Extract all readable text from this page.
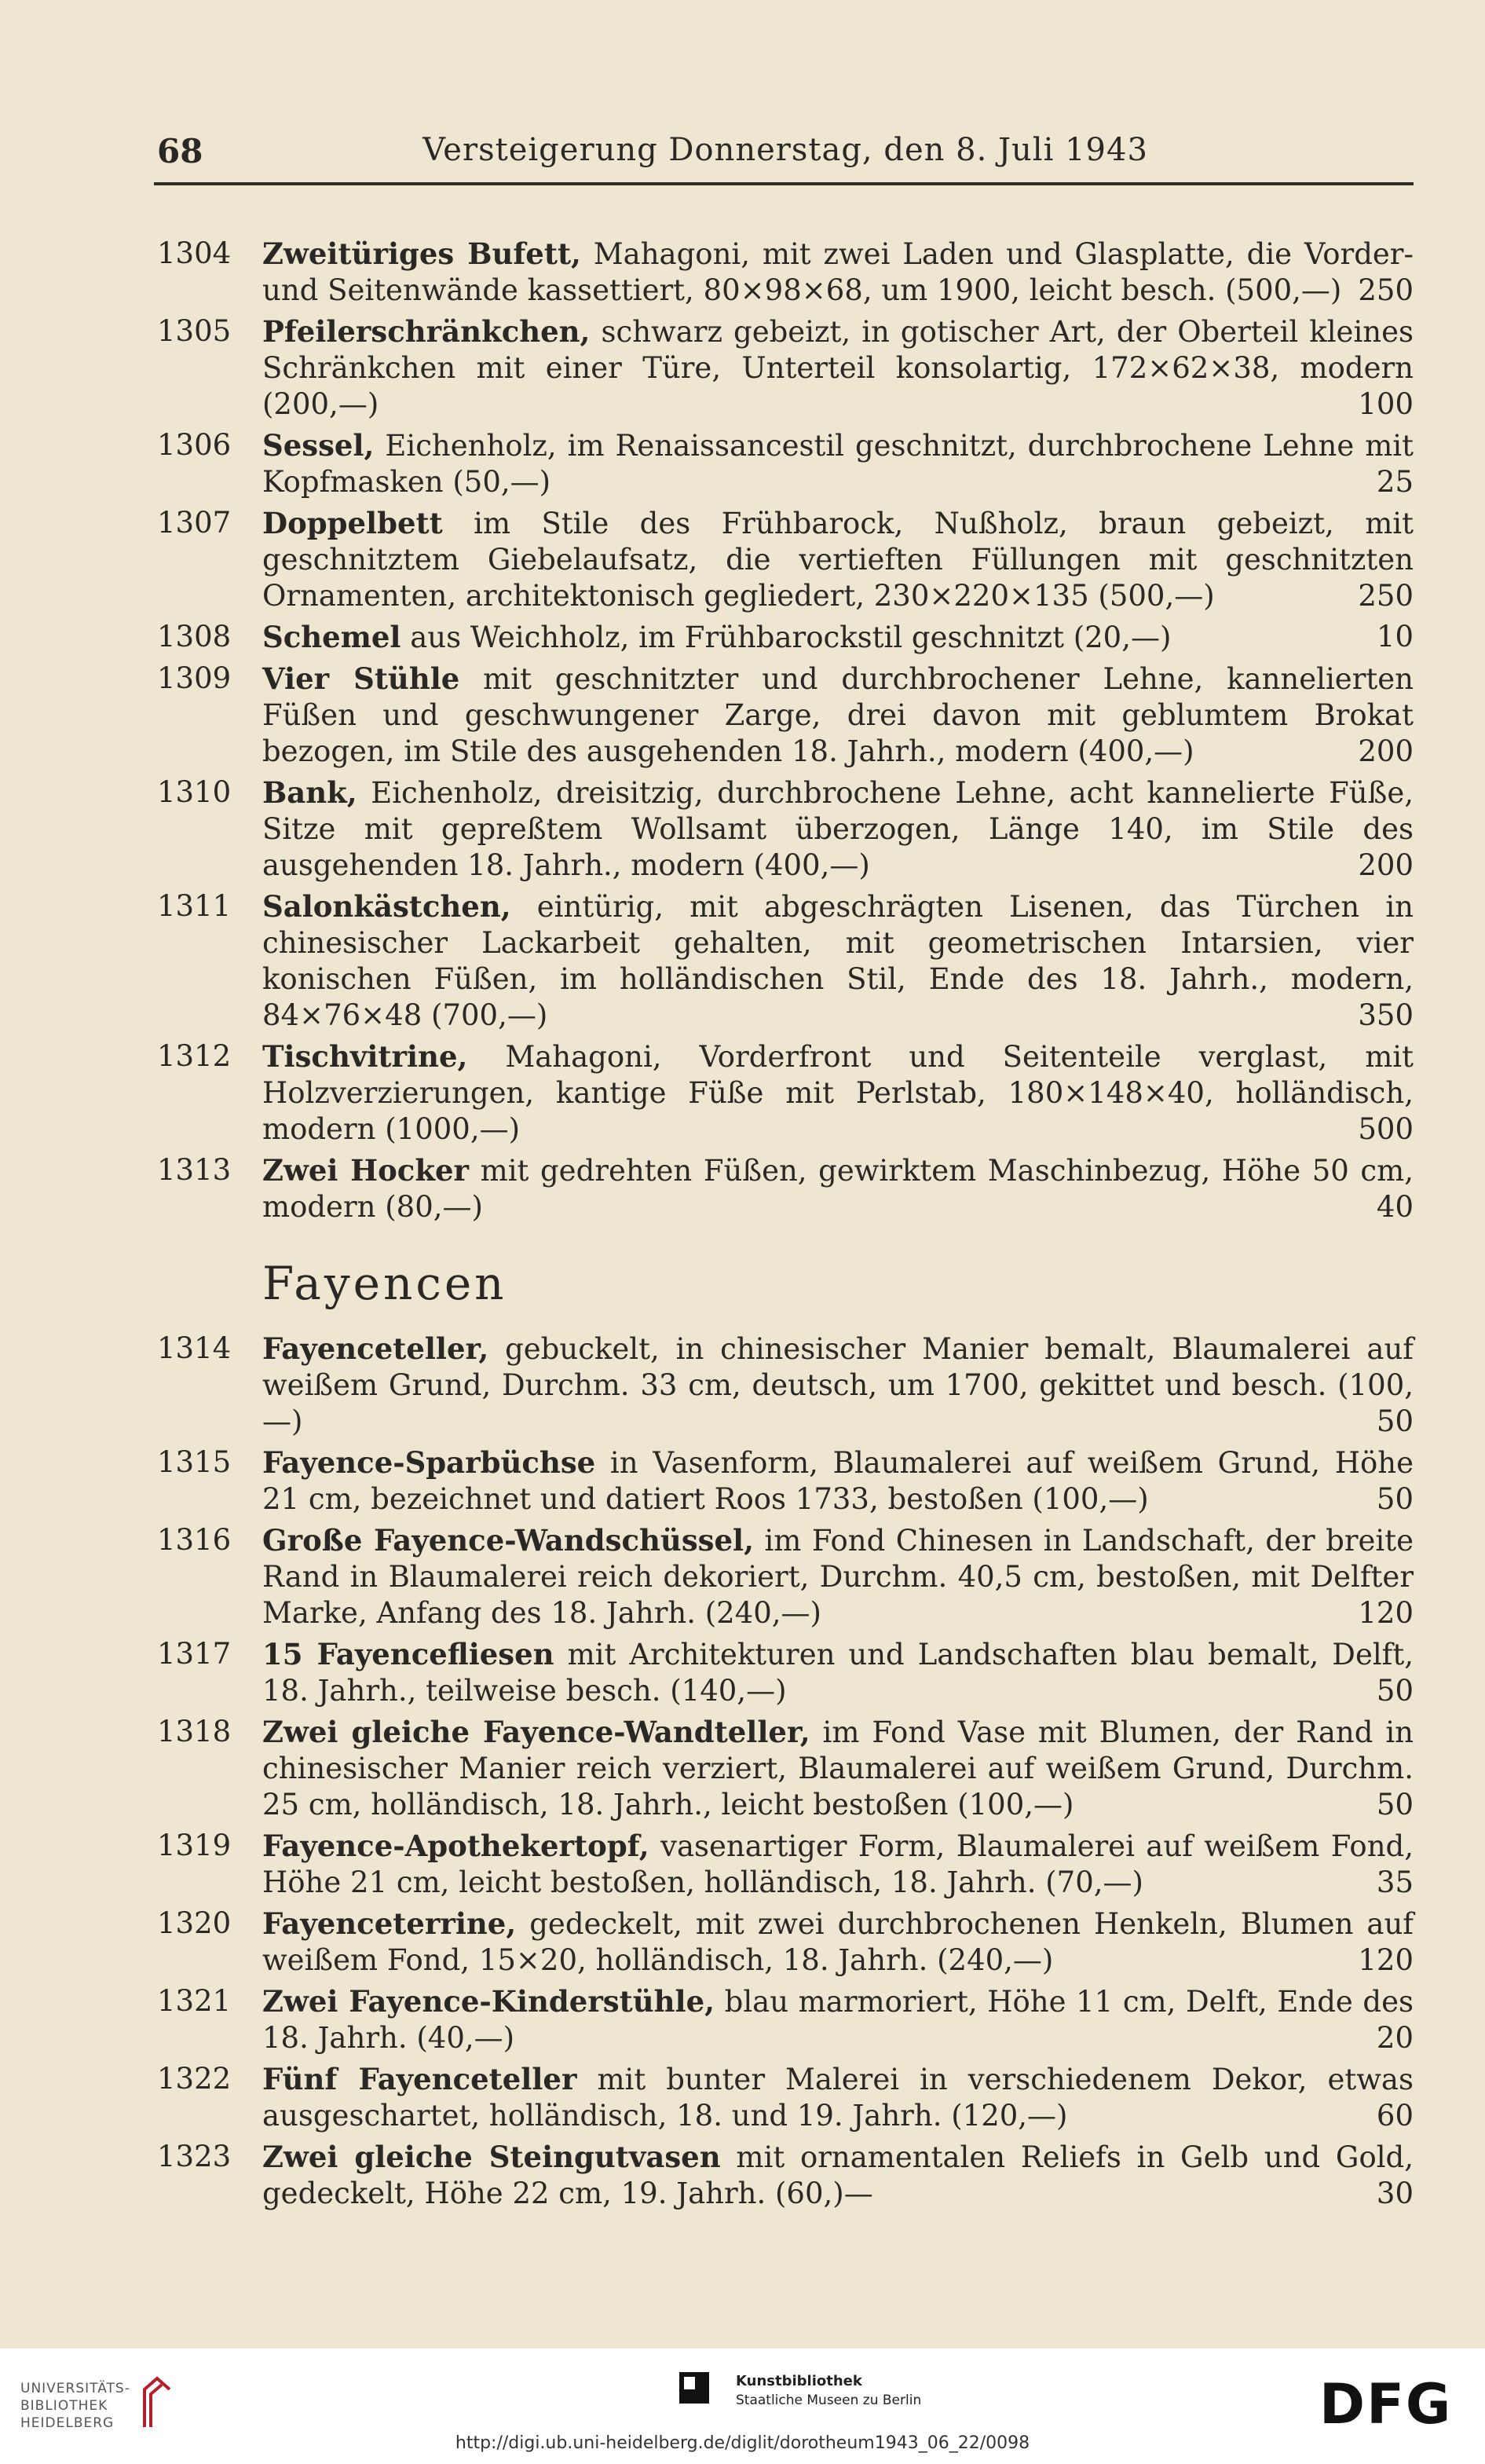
68	Versteigerung Donnerstag, den 8. Juli 1943
1304	Zweitüriges Bufett, Mahagoni, mit zwei Laden und Glasplatte, die Vorder- und Seitenwände kassettiert, 80×98×68, um 1900, leicht besch. (500,—) 250
1305	Pfeilerschränkchen, schwarz gebeizt, in gotischer Art, der Oberteil kleines Schränkchen mit einer Türe, Unterteil konsolartig, 172×62×38, modern (200,—)	100
1306	Sessel, Eichenholz, im Renaissancestil geschnitzt, durchbrochene Lehne mit Kopfmasken (50,—)	25
1307	Doppelbett im Stile des Frühbarock, Nußholz, braun gebeizt, mit geschnitztem Giebelaufsatz, die vertieften Füllungen mit geschnitzten Ornamenten, architektonisch gegliedert, 230×220×135 (500,—)	250
1308	Schemel aus Weichholz, im Frühbarockstil geschnitzt (20,—)	10
1309	Vier Stühle mit geschnitzter und durchbrochener Lehne, kannelierten Füßen und geschwungener Zarge, drei davon mit geblumtem Brokat bezogen, im Stile des ausgehenden 18. Jahrh., modern (400,—)	200
1310	Bank, Eichenholz, dreisitzig, durchbrochene Lehne, acht kannelierte Füße, Sitze mit gepreßtem Wollsamt überzogen, Länge 140, im Stile des ausgehenden 18. Jahrh., modern (400,—)	200
1311	Salonkästchen, eintürig, mit abgeschrägten Lisenen, das Türchen in chinesischer Lackarbeit gehalten, mit geometrischen Intarsien, vier konischen Füßen, im holländischen Stil, Ende des 18. Jahrh., modern, 84×76×48 (700,—)	350
1312	Tischvitrine, Mahagoni, Vorderfront und Seitenteile verglast, mit Holzverzierungen, kantige Füße mit Perlstab, 180×148×40, holländisch, modern (1000,—)	500
1313	Zwei Hocker mit gedrehten Füßen, gewirktem Maschinbezug, Höhe 50 cm, modern (80,—)	40
Fayencen
1314	Fayenceteller, gebuckelt, in chinesischer Manier bemalt, Blaumalerei auf weißem Grund, Durchm. 33 cm, deutsch, um 1700, gekittet und besch. (100,—)	50
1315	Fayence-Sparbüchse in Vasenform, Blaumalerei auf weißem Grund, Höhe 21 cm, bezeichnet und datiert Roos 1733, bestoßen (100,—)	50
1316	Große Fayence-Wandschüssel, im Fond Chinesen in Landschaft, der breite Rand in Blaumalerei reich dekoriert, Durchm. 40,5 cm, bestoßen, mit Delfter Marke, Anfang des 18. Jahrh. (240,—)	120
1317	15 Fayencefliesen mit Architekturen und Landschaften blau bemalt, Delft, 18. Jahrh., teilweise besch. (140,—)	50
1318	Zwei gleiche Fayence-Wandteller, im Fond Vase mit Blumen, der Rand in chinesischer Manier reich verziert, Blaumalerei auf weißem Grund, Durchm. 25 cm, holländisch, 18. Jahrh., leicht bestoßen (100,—)	50
1319	Fayence-Apothekertopf, vasenartiger Form, Blaumalerei auf weißem Fond, Höhe 21 cm, leicht bestoßen, holländisch, 18. Jahrh. (70,—)	35
1320	Fayenceterrine, gedeckelt, mit zwei durchbrochenen Henkeln, Blumen auf weißem Fond, 15×20, holländisch, 18. Jahrh. (240,—)	120
1321	Zwei Fayence-Kinderstühle, blau marmoriert, Höhe 11 cm, Delft, Ende des 18. Jahrh. (40,—)	20
1322	Fünf Fayenceteller mit bunter Malerei in verschiedenem Dekor, etwas ausgeschartet, holländisch, 18. und 19. Jahrh. (120,—)	60
1323	Zwei gleiche Steingutvasen mit ornamentalen Reliefs in Gelb und Gold, gedeckelt, Höhe 22 cm, 19. Jahrh. (60,)—	30
UNIVERSITÄTS-
BIBLIOTHEK
HEIDELBERG
Kunstbibliothek
Staatliche Museen zu Berlin	DFG
http://digi.ub.uni-heidelberg.de/diglit/dorotheum1943_06_22/0098
